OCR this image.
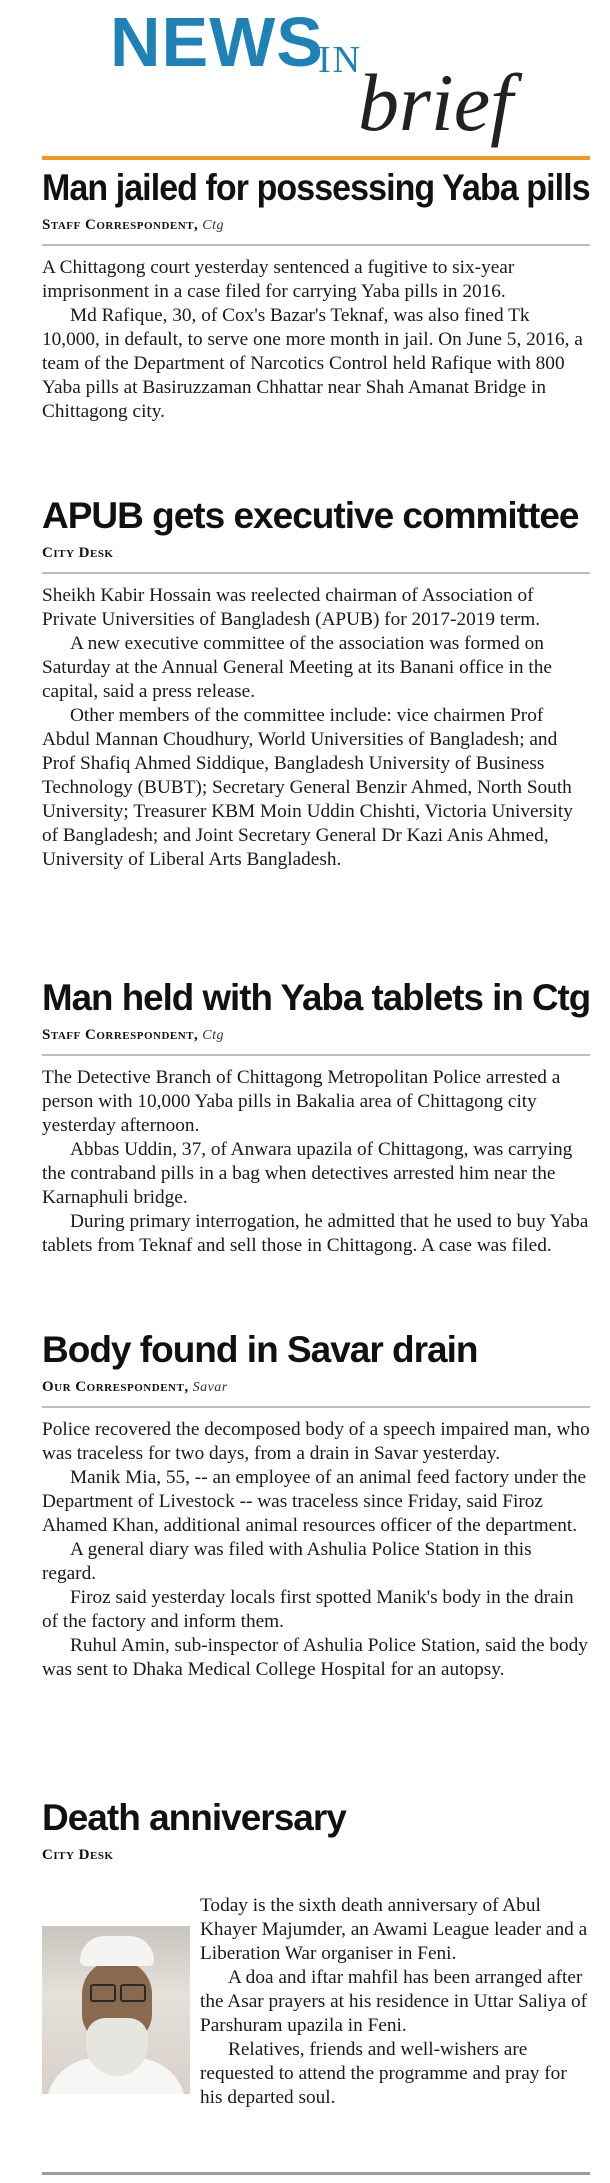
NEWS
IN
brief
Man jailed for possessing Yaba pills
Staff Correspondent, Ctg

A Chittagong court yesterday sentenced a fugitive to six-year imprisonment in a case filed for carrying Yaba pills in 2016.

Md Rafique, 30, of Cox's Bazar's Teknaf, was also fined Tk 10,000, in default, to serve one more month in jail. On June 5, 2016, a team of the Department of Narcotics Control held Rafique with 800 Yaba pills at Basiruzzaman Chhattar near Shah Amanat Bridge in Chittagong city.

APUB gets executive committee
City Desk

Sheikh Kabir Hossain was reelected chairman of Association of Private Universities of Bangladesh (APUB) for 2017-2019 term.

A new executive committee of the association was formed on Saturday at the Annual General Meeting at its Banani office in the capital, said a press release.

Other members of the committee include: vice chairmen Prof Abdul Mannan Choudhury, World Universities of Bangladesh; and Prof Shafiq Ahmed Siddique, Bangladesh University of Business Technology (BUBT); Secretary General Benzir Ahmed, North South University; Treasurer KBM Moin Uddin Chishti, Victoria University of Bangladesh; and Joint Secretary General Dr Kazi Anis Ahmed, University of Liberal Arts Bangladesh.

Man held with Yaba tablets in Ctg
Staff Correspondent, Ctg

The Detective Branch of Chittagong Metropolitan Police arrested a person with 10,000 Yaba pills in Bakalia area of Chittagong city yesterday afternoon.

Abbas Uddin, 37, of Anwara upazila of Chittagong, was carrying the contraband pills in a bag when detectives arrested him near the Karnaphuli bridge.

During primary interrogation, he admitted that he used to buy Yaba tablets from Teknaf and sell those in Chittagong. A case was filed.

Body found in Savar drain
Our Correspondent, Savar

Police recovered the decomposed body of a speech impaired man, who was traceless for two days, from a drain in Savar yesterday.

Manik Mia, 55, -- an employee of an animal feed factory under the Department of Livestock -- was traceless since Friday, said Firoz Ahamed Khan, additional animal resources officer of the department.

A general diary was filed with Ashulia Police Station in this regard.

Firoz said yesterday locals first spotted Manik's body in the drain of the factory and inform them.

Ruhul Amin, sub-inspector of Ashulia Police Station, said the body was sent to Dhaka Medical College Hospital for an autopsy.

Death anniversary
City Desk

Today is the sixth death anniversary of Abul Khayer Majumder, an Awami League leader and a Liberation War organiser in Feni.

A doa and iftar mahfil has been arranged after the Asar prayers at his residence in Uttar Saliya of Parshuram upazila in Feni.

Relatives, friends and well-wishers are requested to attend the programme and pray for his departed soul.
